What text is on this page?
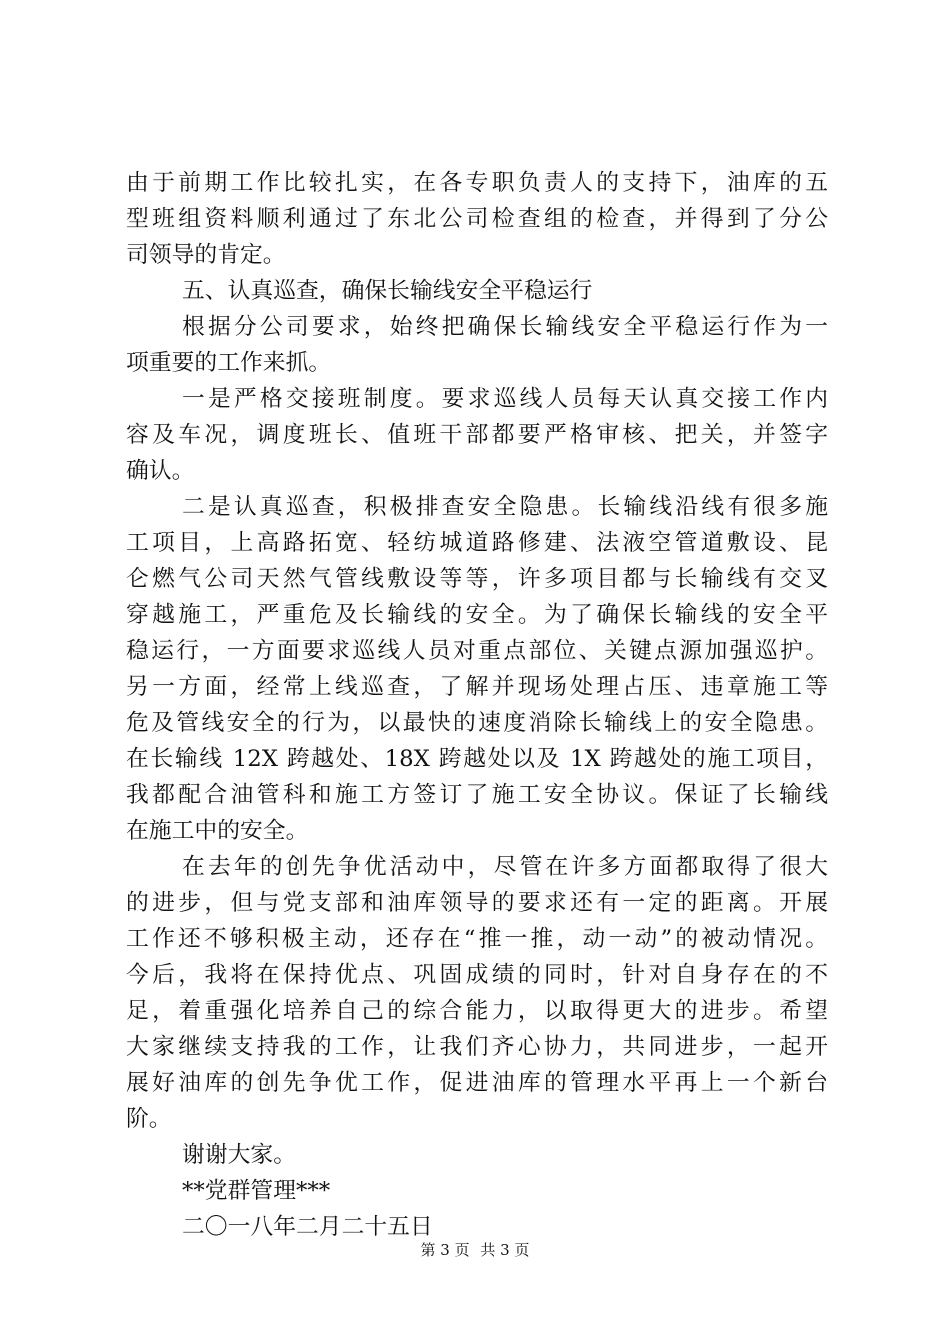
由于前期工作比较扎实，在各专职负责人的支持下，油库的五
型班组资料顺利通过了东北公司检查组的检查，并得到了分公
司领导的肯定。
五、认真巡查，确保长输线安全平稳运行
根据分公司要求，始终把确保长输线安全平稳运行作为一
项重要的工作来抓。
一是严格交接班制度。要求巡线人员每天认真交接工作内
容及车况，调度班长、值班干部都要严格审核、把关，并签字
确认。
二是认真巡查，积极排查安全隐患。长输线沿线有很多施
工项目，上高路拓宽、轻纺城道路修建、法液空管道敷设、昆
仑燃气公司天然气管线敷设等等，许多项目都与长输线有交叉
穿越施工，严重危及长输线的安全。为了确保长输线的安全平
稳运行，一方面要求巡线人员对重点部位、关键点源加强巡护。
另一方面，经常上线巡查，了解并现场处理占压、违章施工等
危及管线安全的行为，以最快的速度消除长输线上的安全隐患。
在长输线 12X 跨越处、18X 跨越处以及 1X 跨越处的施工项目，
我都配合油管科和施工方签订了施工安全协议。保证了长输线
在施工中的安全。
在去年的创先争优活动中，尽管在许多方面都取得了很大
的进步，但与党支部和油库领导的要求还有一定的距离。开展
工作还不够积极主动，还存在“推一推，动一动”的被动情况。
今后，我将在保持优点、巩固成绩的同时，针对自身存在的不
足，着重强化培养自己的综合能力，以取得更大的进步。希望
大家继续支持我的工作，让我们齐心协力，共同进步，一起开
展好油库的创先争优工作，促进油库的管理水平再上一个新台
阶。
谢谢大家。
**党群管理***
二〇一八年二月二十五日
第 3 页 共 3 页
